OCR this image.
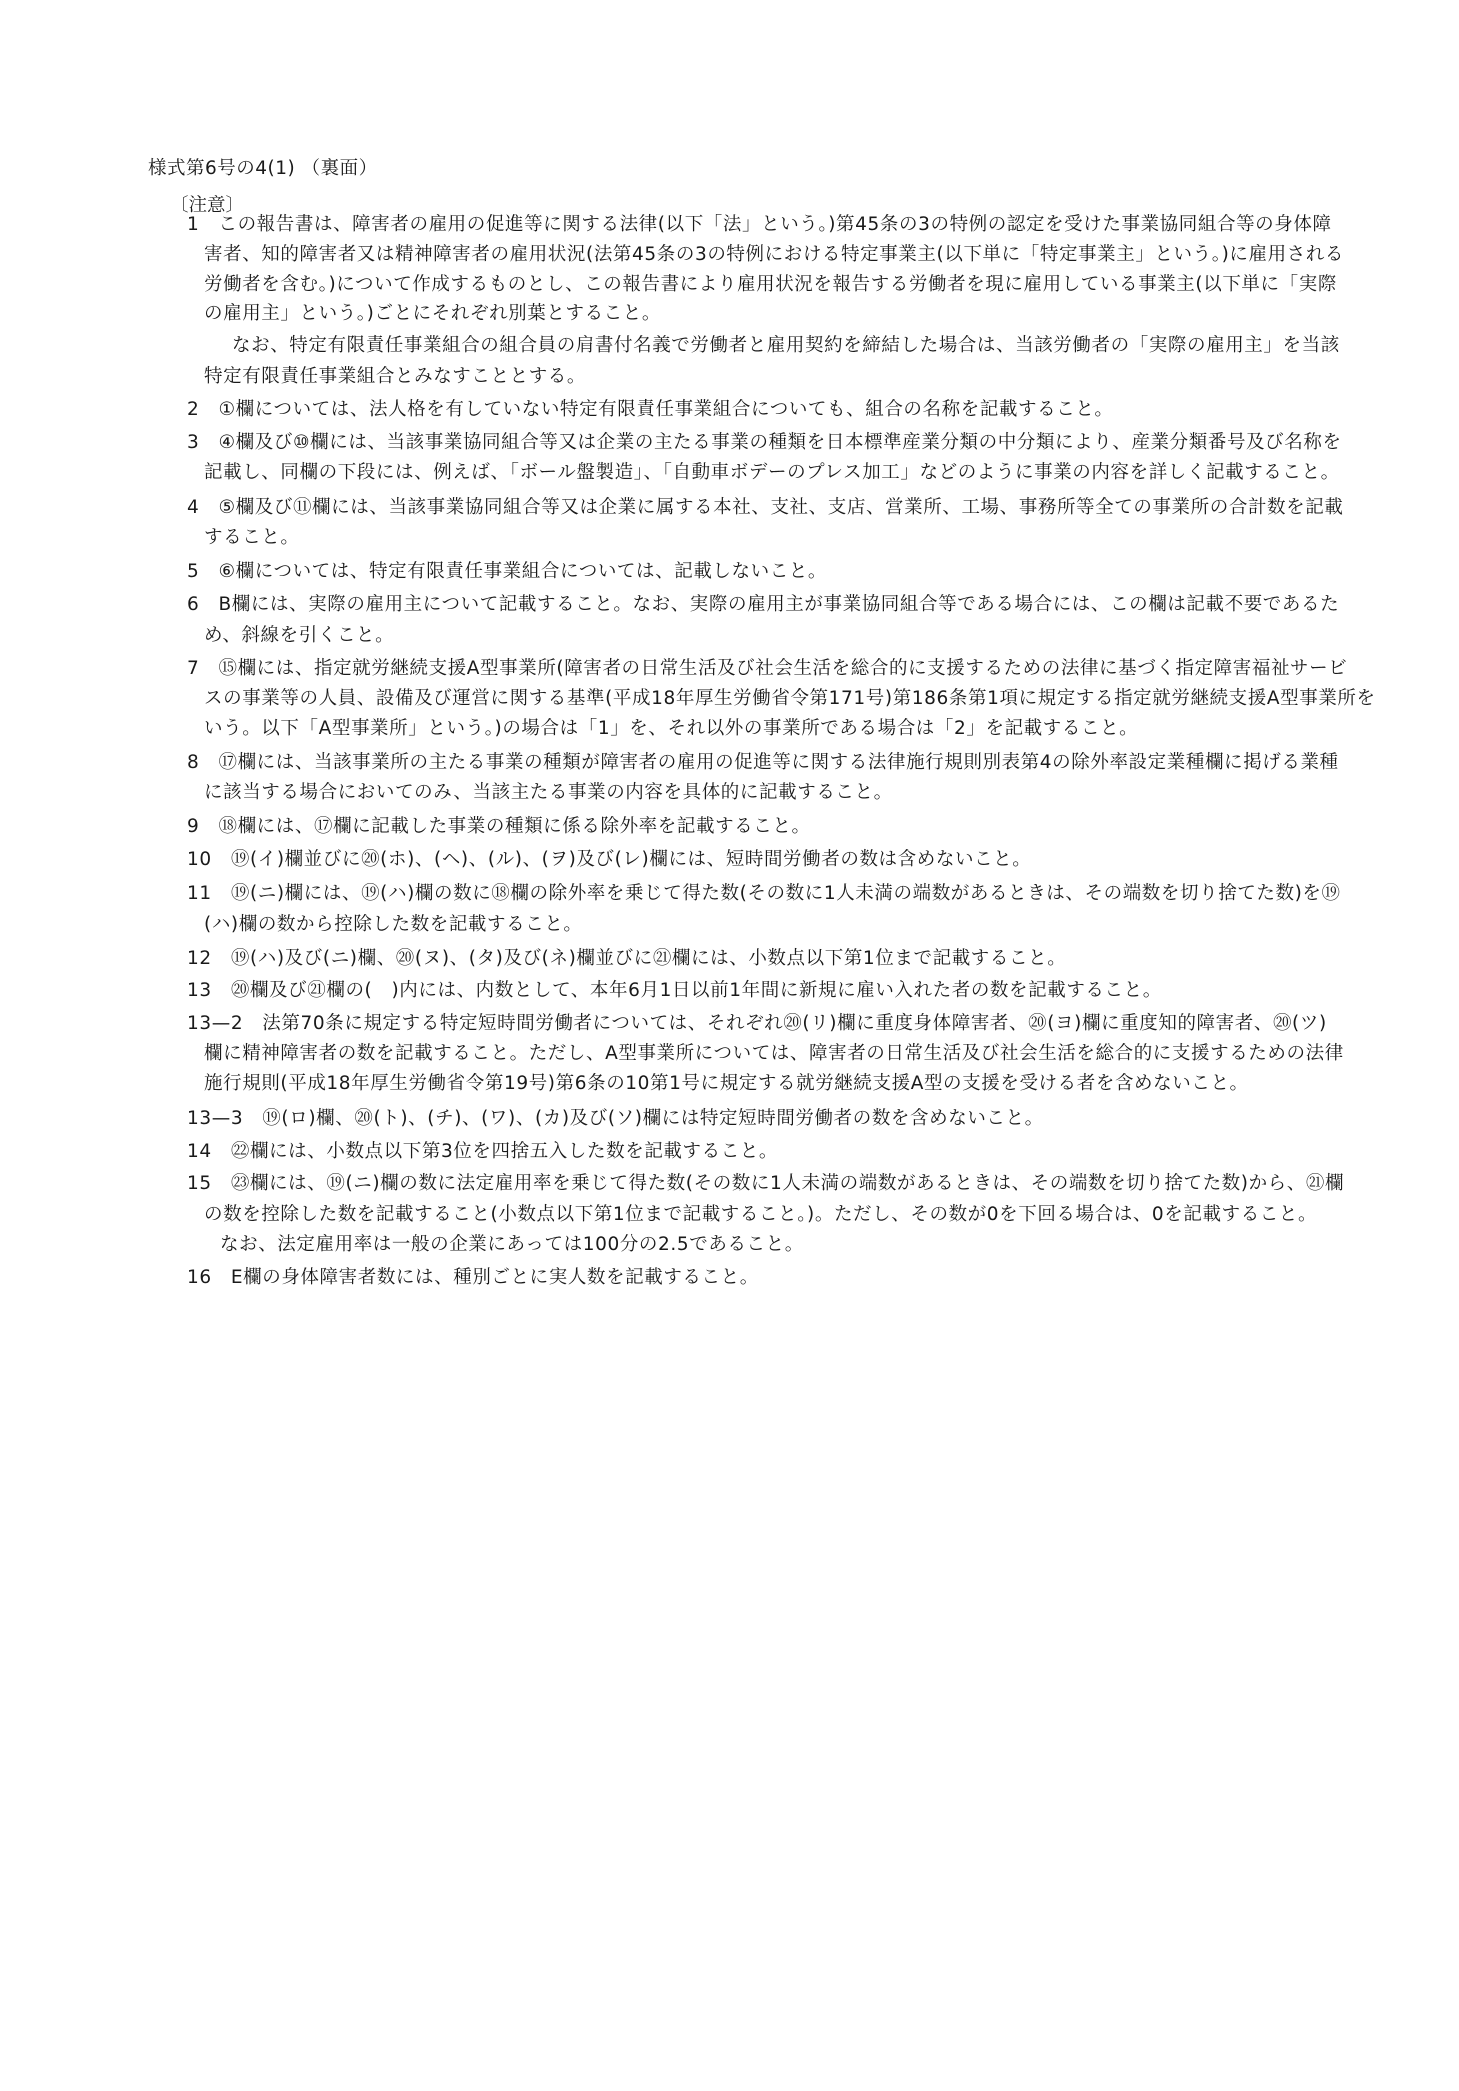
様式第6号の4(1) （裏面）
〔注意〕
1　この報告書は、障害者の雇用の促進等に関する法律(以下「法」という。)第45条の3の特例の認定を受けた事業協同組合等の身体障
害者、知的障害者又は精神障害者の雇用状況(法第45条の3の特例における特定事業主(以下単に「特定事業主」という。)に雇用される
労働者を含む。)について作成するものとし、この報告書により雇用状況を報告する労働者を現に雇用している事業主(以下単に「実際
の雇用主」という。)ごとにそれぞれ別葉とすること。
なお、特定有限責任事業組合の組合員の肩書付名義で労働者と雇用契約を締結した場合は、当該労働者の「実際の雇用主」を当該
特定有限責任事業組合とみなすこととする。
2　①欄については、法人格を有していない特定有限責任事業組合についても、組合の名称を記載すること。
3　④欄及び⑩欄には、当該事業協同組合等又は企業の主たる事業の種類を日本標準産業分類の中分類により、産業分類番号及び名称を
記載し、同欄の下段には、例えば、「ボール盤製造」、「自動車ボデーのプレス加工」などのように事業の内容を詳しく記載すること。
4　⑤欄及び⑪欄には、当該事業協同組合等又は企業に属する本社、支社、支店、営業所、工場、事務所等全ての事業所の合計数を記載
すること。
5　⑥欄については、特定有限責任事業組合については、記載しないこと。
6　B欄には、実際の雇用主について記載すること。なお、実際の雇用主が事業協同組合等である場合には、この欄は記載不要であるた
め、斜線を引くこと。
7　⑮欄には、指定就労継続支援A型事業所(障害者の日常生活及び社会生活を総合的に支援するための法律に基づく指定障害福祉サービ
スの事業等の人員、設備及び運営に関する基準(平成18年厚生労働省令第171号)第186条第1項に規定する指定就労継続支援A型事業所を
いう。以下「A型事業所」という。)の場合は「1」を、それ以外の事業所である場合は「2」を記載すること。
8　⑰欄には、当該事業所の主たる事業の種類が障害者の雇用の促進等に関する法律施行規則別表第4の除外率設定業種欄に掲げる業種
に該当する場合においてのみ、当該主たる事業の内容を具体的に記載すること。
9　⑱欄には、⑰欄に記載した事業の種類に係る除外率を記載すること。
10　⑲(イ)欄並びに⑳(ホ)、(ヘ)、(ル)、(ヲ)及び(レ)欄には、短時間労働者の数は含めないこと。
11　⑲(ニ)欄には、⑲(ハ)欄の数に⑱欄の除外率を乗じて得た数(その数に1人未満の端数があるときは、その端数を切り捨てた数)を⑲
(ハ)欄の数から控除した数を記載すること。
12　⑲(ハ)及び(ニ)欄、⑳(ヌ)、(タ)及び(ネ)欄並びに㉑欄には、小数点以下第1位まで記載すること。
13　⑳欄及び㉑欄の(　)内には、内数として、本年6月1日以前1年間に新規に雇い入れた者の数を記載すること。
13—2　法第70条に規定する特定短時間労働者については、それぞれ⑳(リ)欄に重度身体障害者、⑳(ヨ)欄に重度知的障害者、⑳(ツ)
欄に精神障害者の数を記載すること。ただし、A型事業所については、障害者の日常生活及び社会生活を総合的に支援するための法律
施行規則(平成18年厚生労働省令第19号)第6条の10第1号に規定する就労継続支援A型の支援を受ける者を含めないこと。
13—3　⑲(ロ)欄、⑳(ト)、(チ)、(ワ)、(カ)及び(ソ)欄には特定短時間労働者の数を含めないこと。
14　㉒欄には、小数点以下第3位を四捨五入した数を記載すること。
15　㉓欄には、⑲(ニ)欄の数に法定雇用率を乗じて得た数(その数に1人未満の端数があるときは、その端数を切り捨てた数)から、㉑欄
の数を控除した数を記載すること(小数点以下第1位まで記載すること。)。ただし、その数が0を下回る場合は、0を記載すること。
なお、法定雇用率は一般の企業にあっては100分の2.5であること。
16　E欄の身体障害者数には、種別ごとに実人数を記載すること。
